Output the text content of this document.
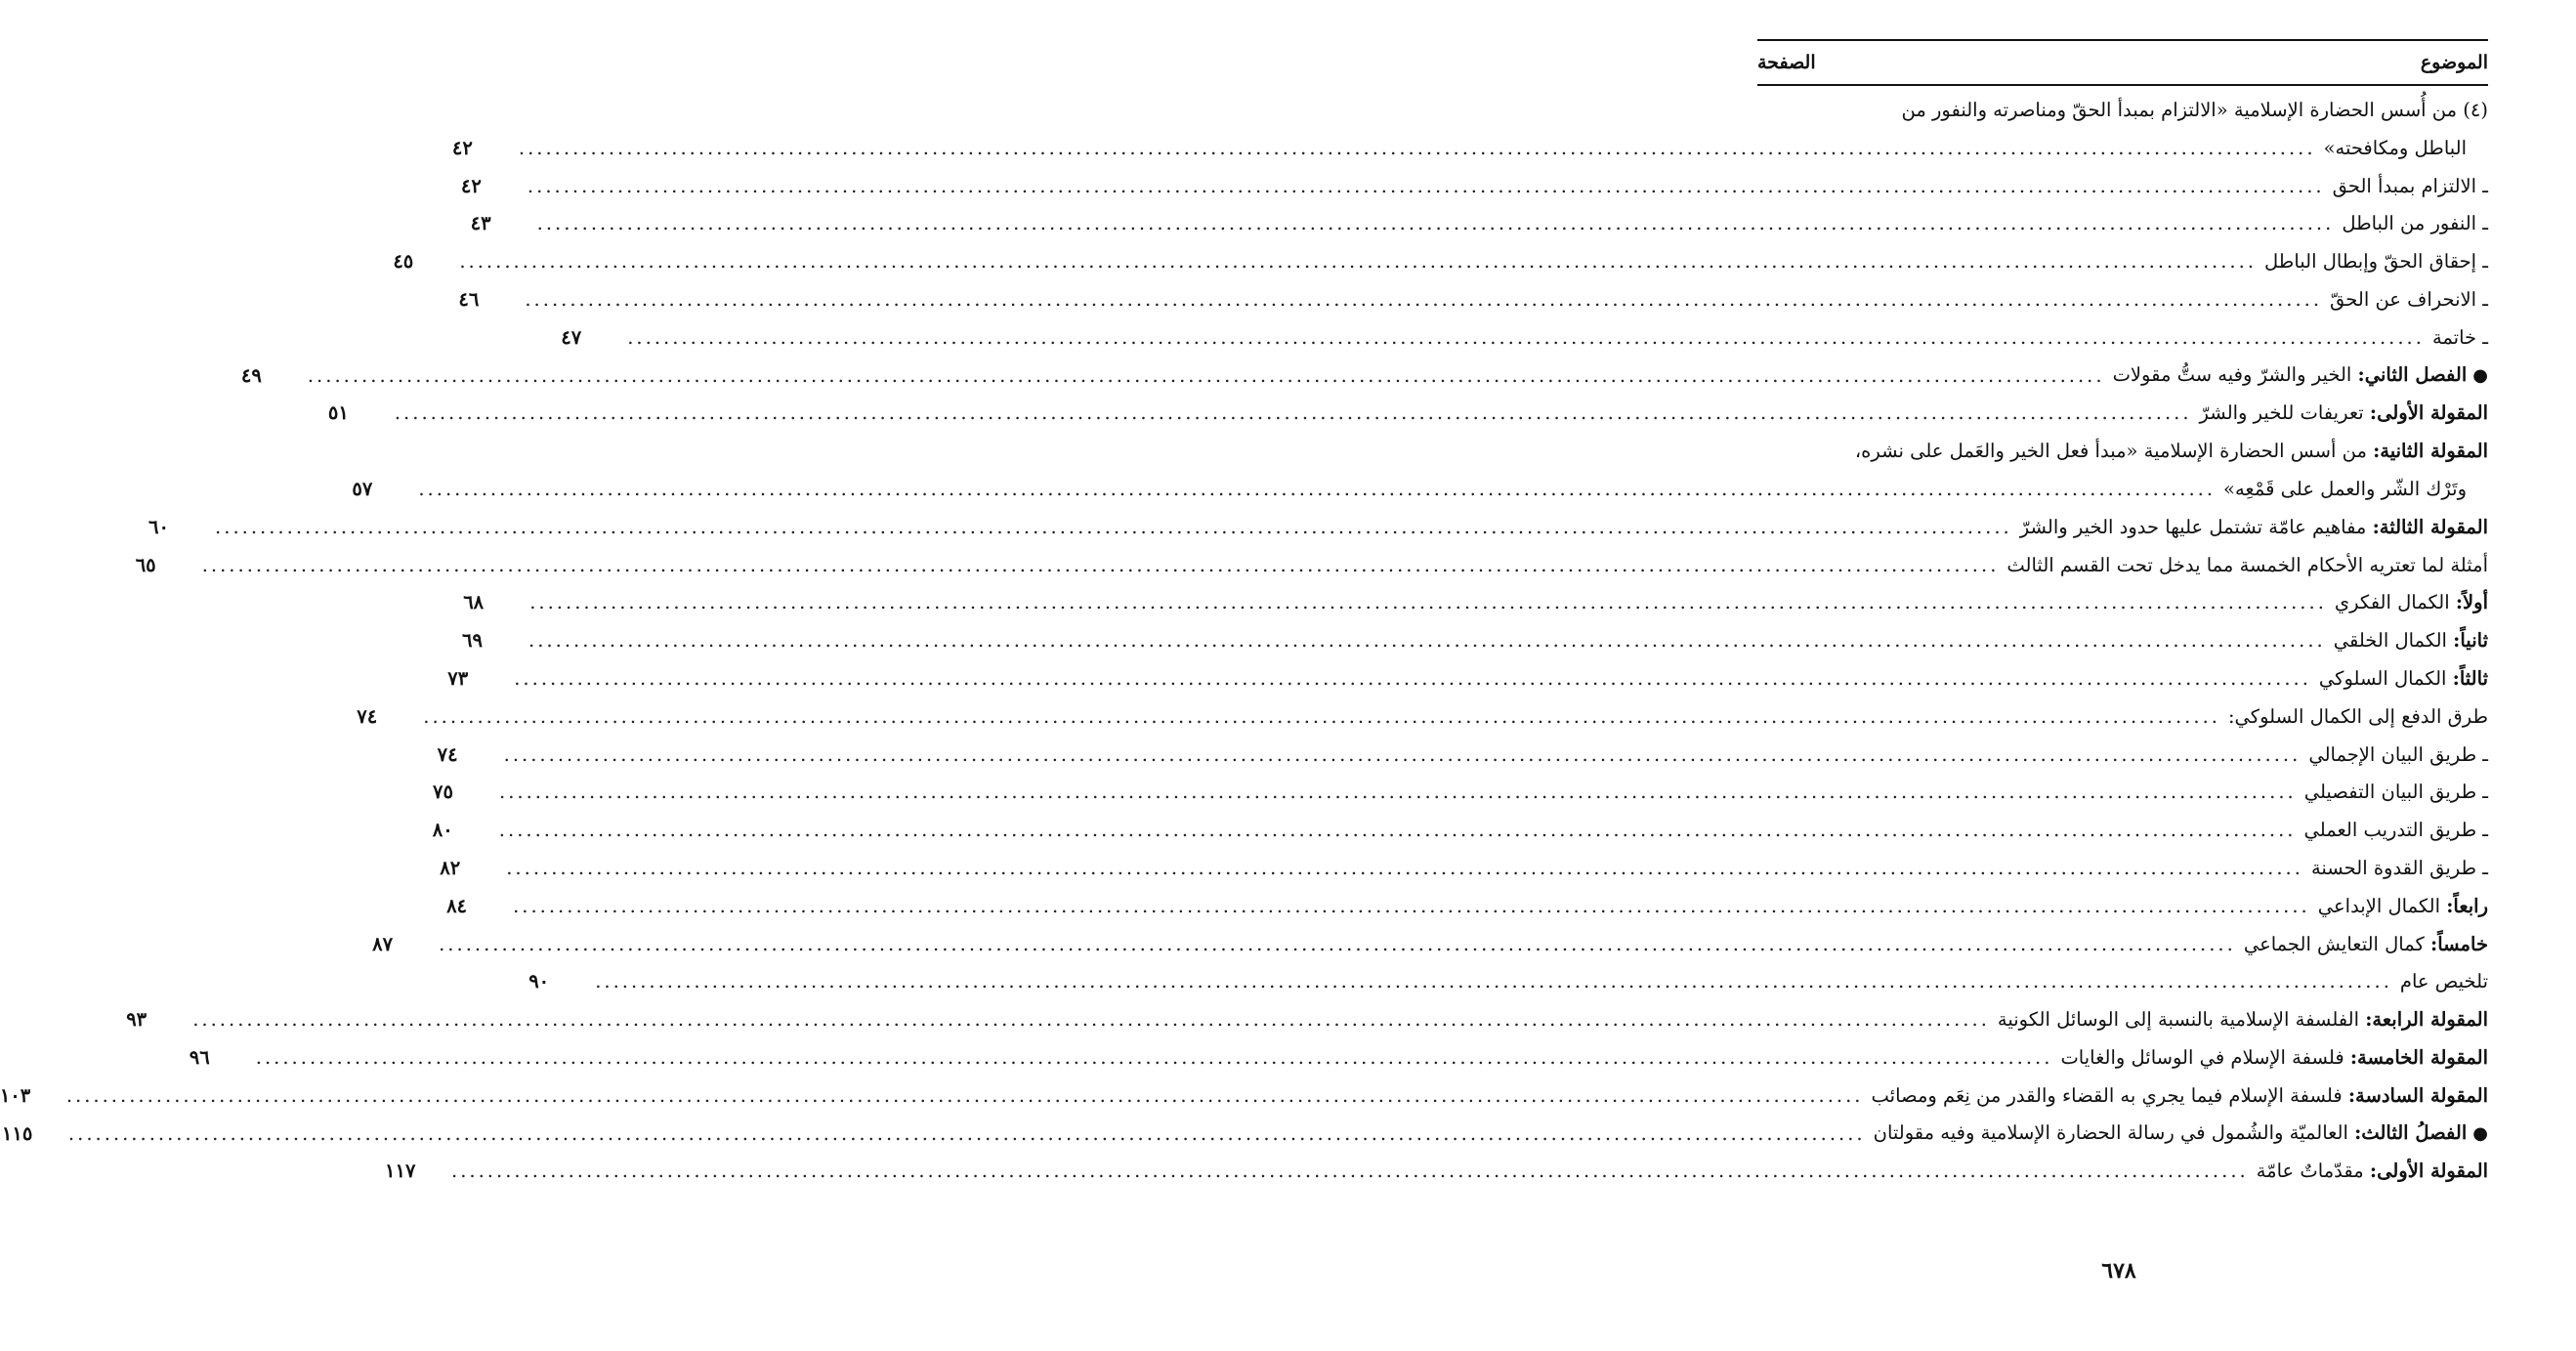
الموضوع
الصفحة
(٤) من أُسس الحضارة الإسلامية «الالتزام بمبدأ الحقّ ومناصرته والنفور من
الباطل ومكافحته»
........................................................................................................................................................................................................
٤٢
ـ الالتزام بمبدأ الحق
........................................................................................................................................................................................................
٤٢
ـ النفور من الباطل
........................................................................................................................................................................................................
٤٣
ـ إحقاق الحقّ وإبطال الباطل
........................................................................................................................................................................................................
٤٥
ـ الانحراف عن الحقّ
........................................................................................................................................................................................................
٤٦
ـ خاتمة
........................................................................................................................................................................................................
٤٧
●الفصل الثاني: الخير والشرّ وفيه ستُّ مقولات
........................................................................................................................................................................................................
٤٩
المقولة الأولى: تعريفات للخير والشرّ
........................................................................................................................................................................................................
٥١
المقولة الثانية: من أسس الحضارة الإسلامية «مبدأ فعل الخير والعَمل على نشره،
وتَرْك الشّر والعمل على قَمْعِه»
........................................................................................................................................................................................................
٥٧
المقولة الثالثة: مفاهيم عامّة تشتمل عليها حدود الخير والشرّ
........................................................................................................................................................................................................
٦٠
أمثلة لما تعتريه الأحكام الخمسة مما يدخل تحت القسم الثالث
........................................................................................................................................................................................................
٦٥
أولاً: الكمال الفكري
........................................................................................................................................................................................................
٦٨
ثانياً: الكمال الخلقي
........................................................................................................................................................................................................
٦٩
ثالثاً: الكمال السلوكي
........................................................................................................................................................................................................
٧٣
طرق الدفع إلى الكمال السلوكي:
........................................................................................................................................................................................................
٧٤
ـ طريق البيان الإجمالي
........................................................................................................................................................................................................
٧٤
ـ طريق البيان التفصيلي
........................................................................................................................................................................................................
٧٥
ـ طريق التدريب العملي
........................................................................................................................................................................................................
٨٠
ـ طريق القدوة الحسنة
........................................................................................................................................................................................................
٨٢
رابعاً: الكمال الإبداعي
........................................................................................................................................................................................................
٨٤
خامساً: كمال التعايش الجماعي
........................................................................................................................................................................................................
٨٧
تلخيص عام
........................................................................................................................................................................................................
٩٠
المقولة الرابعة: الفلسفة الإسلامية بالنسبة إلى الوسائل الكونية
........................................................................................................................................................................................................
٩٣
المقولة الخامسة: فلسفة الإسلام في الوسائل والغايات
........................................................................................................................................................................................................
٩٦
المقولة السادسة: فلسفة الإسلام فيما يجري به القضاء والقدر من نِعَم ومصائب
........................................................................................................................................................................................................
١٠٣
●الفصلُ الثالث: العالميّة والشُمول في رسالة الحضارة الإسلامية وفيه مقولتان
........................................................................................................................................................................................................
١١٥
المقولة الأولى: مقدّماتٌ عامّة
........................................................................................................................................................................................................
١١٧
٦٧٨
